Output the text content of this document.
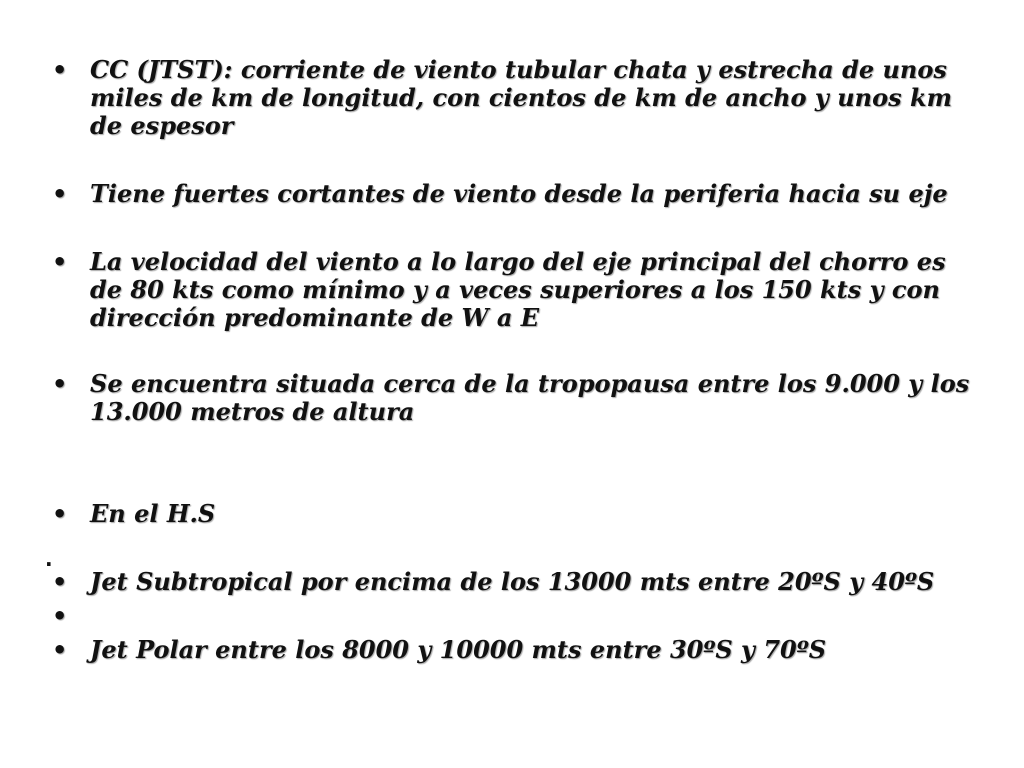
• CC (JTST): corriente de viento tubular chata y estrecha de unos miles de km de longitud, con cientos de km de ancho y unos km de espesor
• Tiene fuertes cortantes de viento desde la periferia hacia su eje
• La velocidad del viento a lo largo del eje principal del chorro es de 80 kts como mínimo y a veces superiores a los 150 kts y con dirección predominante de W a E
• Se encuentra situada cerca de la tropopausa entre los 9.000 y los 13.000 metros de altura
• En el H.S
.
• Jet Subtropical por encima de los 13000 mts entre 20ºS y 40ºS
•
• Jet Polar entre los 8000 y 10000 mts entre 30ºS y 70ºS
